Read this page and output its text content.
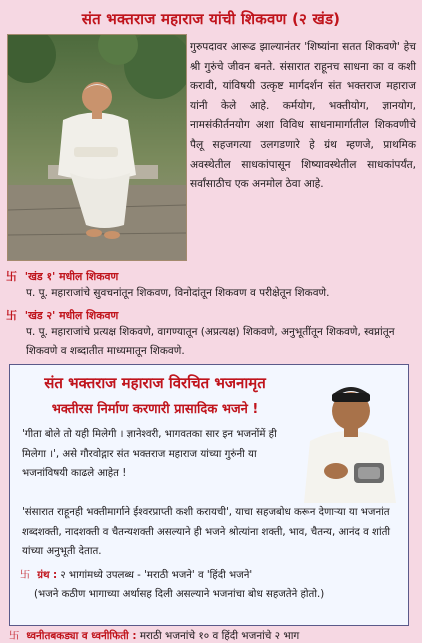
संत भक्तराज महाराज यांची शिकवण (२ खंड)
गुरुपदावर आरूढ झाल्यानंतर 'शिष्यांना सतत शिकवणे' हेच श्री गुरुंचे जीवन बनते. संसारात राहूनच साधना का व कशी करावी, यांविषयी उत्कृष्ट मार्गदर्शन संत भक्तराज महाराज यांनी केले आहे. कर्मयोग, भक्तीयोग, ज्ञानयोग, नामसंकीर्तनयोग अशा विविध साधनामार्गातील शिकवणीचे पैलू सहजगत्या उलगडणारे हे ग्रंथ म्हणजे, प्राथमिक अवस्थेतील साधकांपासून शिष्यावस्थेतील साधकांपर्यंत, सर्वांसाठीच एक अनमोल ठेवा आहे.
卐 'खंड १' मधील शिकवण
प. पू. महाराजांचे सुवचनांतून शिकवण, विनोदांतून शिकवण व परीक्षेतून शिकवणे.
卐 'खंड २' मधील शिकवण
प. पू. महाराजांचे प्रत्यक्ष शिकवणे, वागण्यातून (अप्रत्यक्ष) शिकवणे, अनुभूतींतून शिकवणे, स्वप्नांतून शिकवणे व शब्दातीत माध्यमातून शिकवणे.
संत भक्तराज महाराज विरचित भजनामृत
भक्तीरस निर्माण करणारी प्रासादिक भजने !
'गीता बोले तो यही मिलेगी । ज्ञानेश्वरी, भागवतका सार इन भजनोंमें ही मिलेगा ।', असे गौरवोद्गार संत भक्तराज महाराज यांच्या गुरुंनी या भजनांविषयी काढले आहेत !
'संसारात राहूनही भक्तीमार्गाने ईश्वरप्राप्ती कशी करायची', याचा सहजबोध करून देणाऱ्या या भजनांत शब्दशक्ती, नादशक्ती व चैतन्यशक्ती असल्याने ही भजने श्रोत्यांना शक्ती, भाव, चैतन्य, आनंद व शांती यांच्या अनुभूती देतात.
卐 ग्रंथ : २ भागांमध्ये उपलब्ध - 'मराठी भजने' व 'हिंदी भजने'
(भजने कठीण भागाच्या अर्थासह दिली असल्याने भजनांचा बोध सहजतेने होतो.)
卐 ध्वनीतबकड्या व ध्वनीफिती : मराठी भजनांचे १० व हिंदी भजनांचे २ भाग
